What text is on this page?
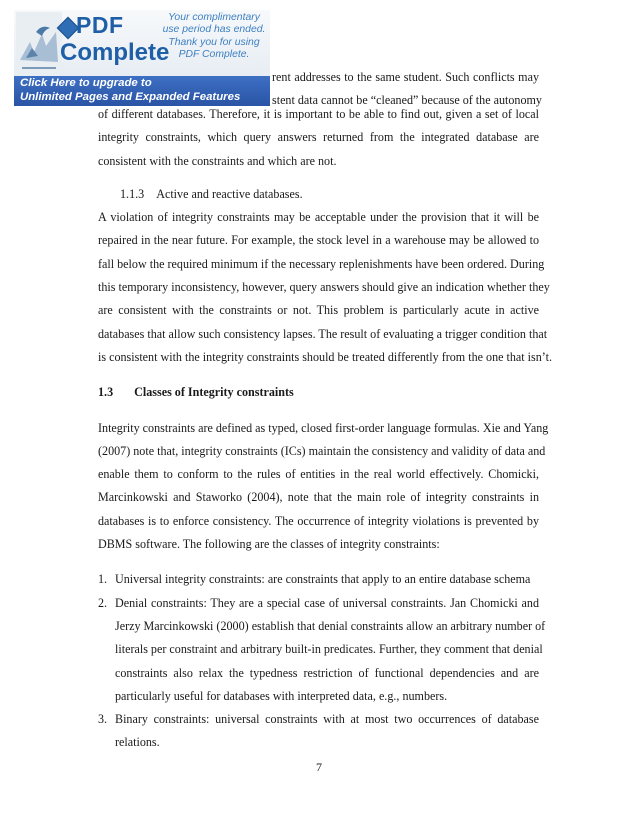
PDF
Complete
Your complimentary
use period has ended.
Thank you for using
PDF Complete.
Click Here to upgrade to
Unlimited Pages and Expanded Features
rent addresses to the same student. Such conflicts may
stent data cannot be “cleaned” because of the autonomy
of different databases. Therefore, it is important to be able to find out, given a set of local
integrity constraints, which query answers returned from the integrated database are
consistent with the constraints and which are not.
1.1.3 Active and reactive databases.
A violation of integrity constraints may be acceptable under the provision that it will be
repaired in the near future. For example, the stock level in a warehouse may be allowed to
fall below the required minimum if the necessary replenishments have been ordered. During
this temporary inconsistency, however, query answers should give an indication whether they
are consistent with the constraints or not. This problem is particularly acute in active
databases that allow such consistency lapses. The result of evaluating a trigger condition that
is consistent with the integrity constraints should be treated differently from the one that isn’t.
1.3 Classes of Integrity constraints
Integrity constraints are defined as typed, closed first-order language formulas. Xie and Yang
(2007) note that, integrity constraints (ICs) maintain the consistency and validity of data and
enable them to conform to the rules of entities in the real world effectively. Chomicki,
Marcinkowski and Staworko (2004), note that the main role of integrity constraints in
databases is to enforce consistency. The occurrence of integrity violations is prevented by
DBMS software. The following are the classes of integrity constraints:
1. Universal integrity constraints: are constraints that apply to an entire database schema
2. Denial constraints: They are a special case of universal constraints. Jan Chomicki and
Jerzy Marcinkowski (2000) establish that denial constraints allow an arbitrary number of
literals per constraint and arbitrary built-in predicates. Further, they comment that denial
constraints also relax the typedness restriction of functional dependencies and are
particularly useful for databases with interpreted data, e.g., numbers.
3. Binary constraints: universal constraints with at most two occurrences of database
relations.
7
